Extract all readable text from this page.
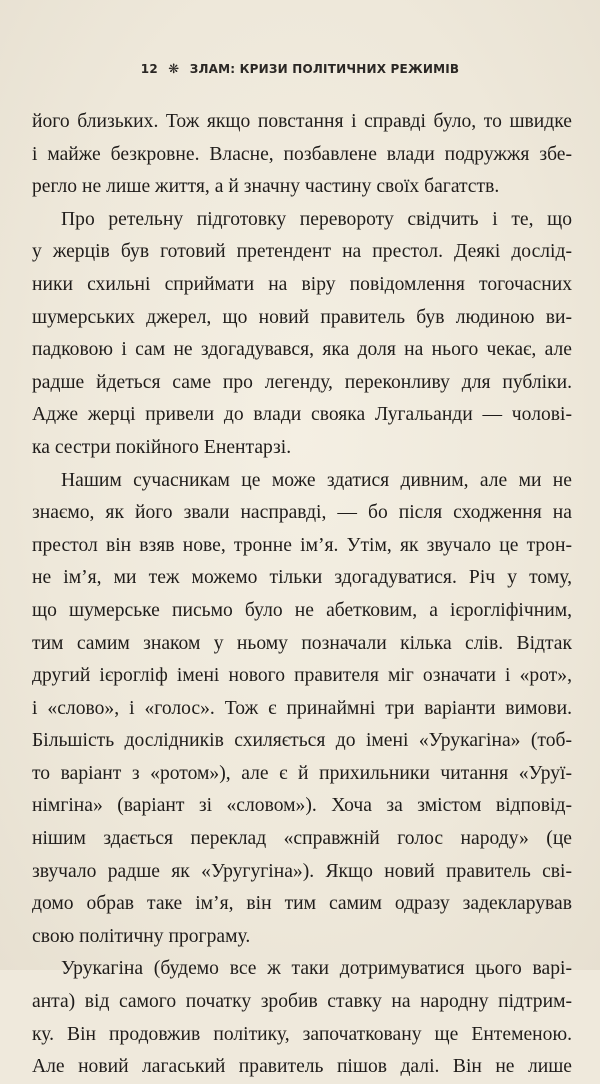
12 ❋ ЗЛАМ: КРИЗИ ПОЛІТИЧНИХ РЕЖИМІВ
його близьких. Тож якщо повстання і справді було, то швидке
і майже безкровне. Власне, позбавлене влади подружжя збе-
регло не лише життя, а й значну частину своїх багатств.
Про ретельну підготовку перевороту свідчить і те, що
у жерців був готовий претендент на престол. Деякі дослід-
ники схильні сприймати на віру повідомлення тогочасних
шумерських джерел, що новий правитель був людиною ви-
падковою і сам не здогадувався, яка доля на нього чекає, але
радше йдеться саме про легенду, переконливу для публіки.
Адже жерці привели до влади свояка Лугальанди — чолові-
ка сестри покійного Енентарзі.
Нашим сучасникам це може здатися дивним, але ми не
знаємо, як його звали насправді, — бо після сходження на
престол він взяв нове, тронне ім’я. Утім, як звучало це трон-
не ім’я, ми теж можемо тільки здогадуватися. Річ у тому,
що шумерське письмо було не абетковим, а ієрогліфічним,
тим самим знаком у ньому позначали кілька слів. Відтак
другий ієрогліф імені нового правителя міг означати і «рот»,
і «слово», і «голос». Тож є принаймні три варіанти вимови.
Більшість дослідників схиляється до імені «Урукагіна» (тоб-
то варіант з «ротом»), але є й прихильники читання «Уруї-
німгіна» (варіант зі «словом»). Хоча за змістом відповід-
нішим здається переклад «справжній голос народу» (це
звучало радше як «Уругугіна»). Якщо новий правитель сві-
домо обрав таке ім’я, він тим самим одразу задекларував
свою політичну програму.
Урукагіна (будемо все ж таки дотримуватися цього варі-
анта) від самого початку зробив ставку на народну підтрим-
ку. Він продовжив політику, започатковану ще Ентеменою.
Але новий лагаський правитель пішов далі. Він не лише
